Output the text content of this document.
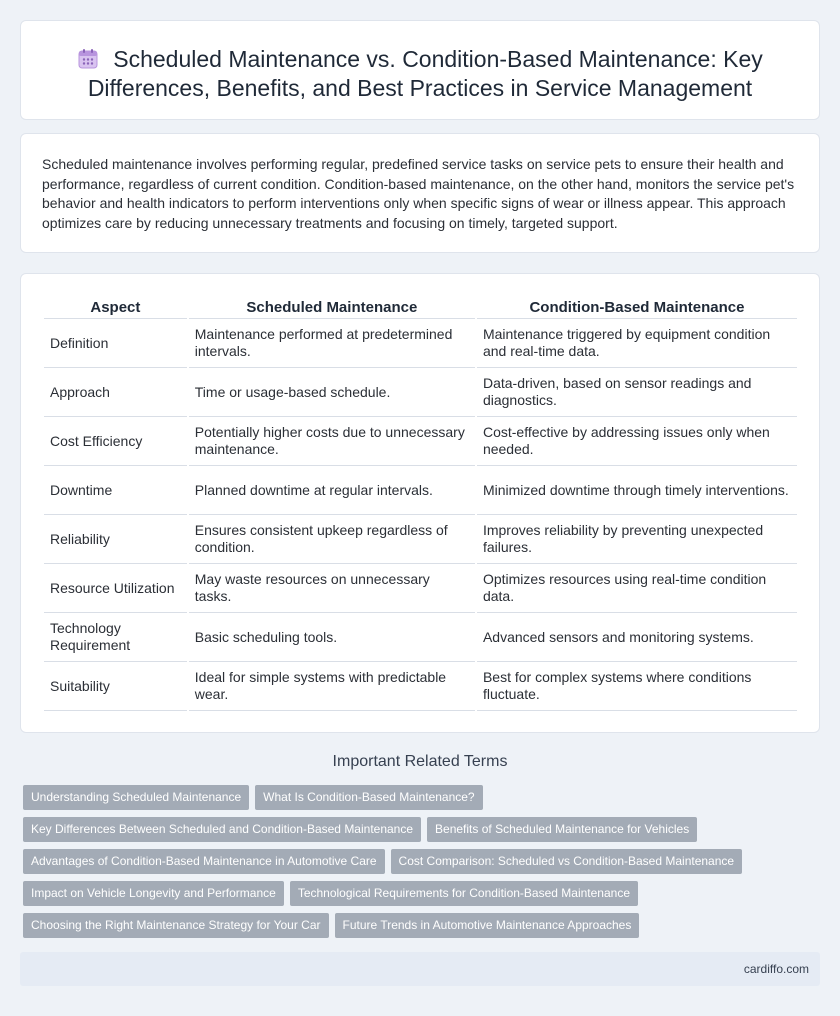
Scheduled Maintenance vs. Condition-Based Maintenance: Key Differences, Benefits, and Best Practices in Service Management

Scheduled maintenance involves performing regular, predefined service tasks on service pets to ensure their health and performance, regardless of current condition. Condition-based maintenance, on the other hand, monitors the service pet's behavior and health indicators to perform interventions only when specific signs of wear or illness appear. This approach optimizes care by reducing unnecessary treatments and focusing on timely, targeted support.

Aspect	Scheduled Maintenance	Condition-Based Maintenance
Definition	Maintenance performed at predetermined intervals.	Maintenance triggered by equipment condition and real-time data.
Approach	Time or usage-based schedule.	Data-driven, based on sensor readings and diagnostics.
Cost Efficiency	Potentially higher costs due to unnecessary maintenance.	Cost-effective by addressing issues only when needed.
Downtime	Planned downtime at regular intervals.	Minimized downtime through timely interventions.
Reliability	Ensures consistent upkeep regardless of condition.	Improves reliability by preventing unexpected failures.
Resource Utilization	May waste resources on unnecessary tasks.	Optimizes resources using real-time condition data.
Technology Requirement	Basic scheduling tools.	Advanced sensors and monitoring systems.
Suitability	Ideal for simple systems with predictable wear.	Best for complex systems where conditions fluctuate.
Important Related Terms
Understanding Scheduled Maintenance What Is Condition-Based Maintenance?
Key Differences Between Scheduled and Condition-Based Maintenance Benefits of Scheduled Maintenance for Vehicles
Advantages of Condition-Based Maintenance in Automotive Care Cost Comparison: Scheduled vs Condition-Based Maintenance
Impact on Vehicle Longevity and Performance Technological Requirements for Condition-Based Maintenance
Choosing the Right Maintenance Strategy for Your Car Future Trends in Automotive Maintenance Approaches
cardiffo.com
